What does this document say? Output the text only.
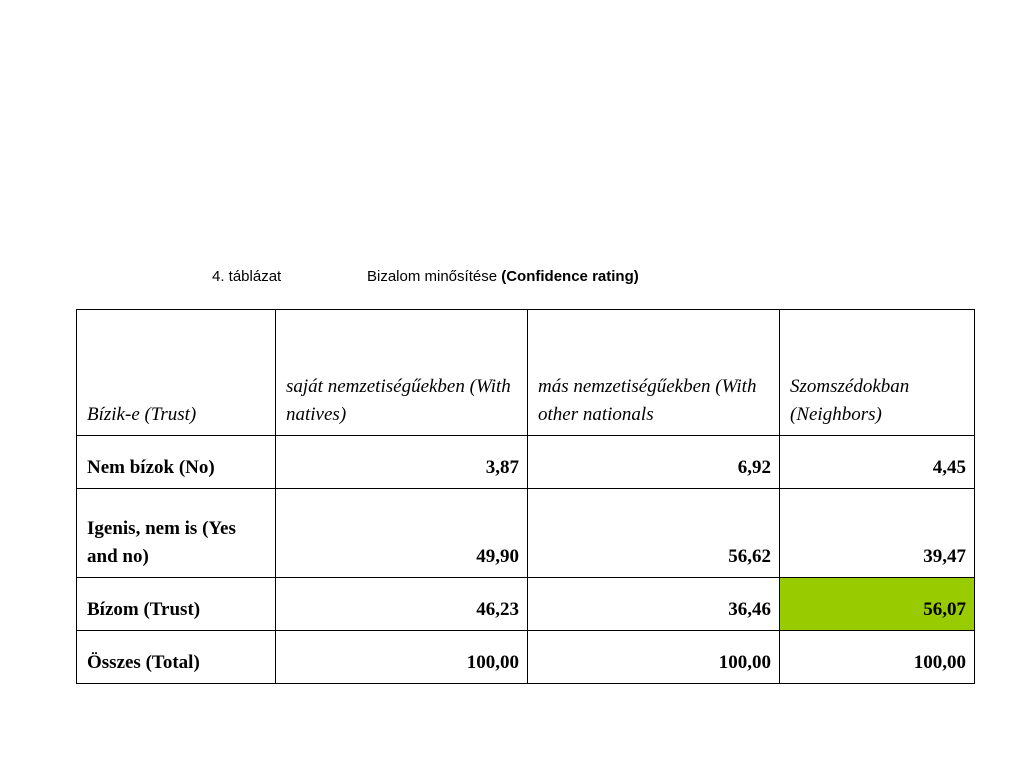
4. táblázat	Bizalom minősítése (Confidence rating)
Bízik-e (Trust)	saját nemzetiségűekben (With natives)	más nemzetiségűekben (With other nationals	Szomszédokban (Neighbors)
Nem bízok (No)	3,87	6,92	4,45
Igenis, nem is (Yes and no)	49,90	56,62	39,47
Bízom (Trust)	46,23	36,46	56,07
Összes (Total)	100,00	100,00	100,00
